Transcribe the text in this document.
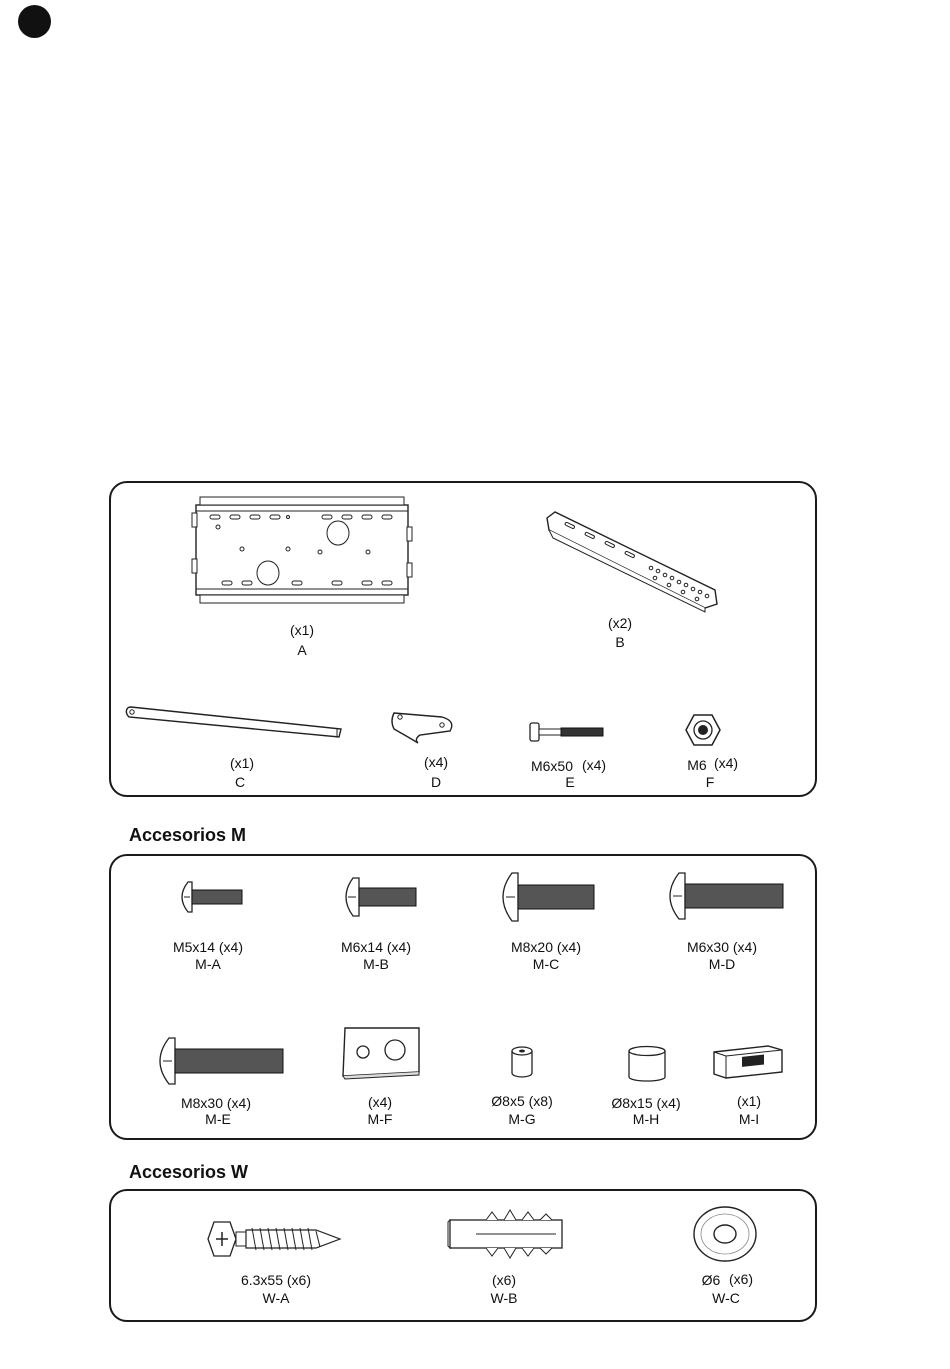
(x1)
A
(x2)
B
(x1)
C
(x4)
D
M6x50 (x4)
E
M6 (x4)
F
Accesorios M
M5x14 (x4)
M-A
M6x14 (x4)
M-B
M8x20 (x4)
M-C
M6x30 (x4)
M-D
M8x30 (x4)
M-E
(x4)
M-F
Ø8x5 (x8)
M-G
Ø8x15 (x4)
M-H
(x1)
M-I
Accesorios W
6.3x55 (x6)
W-A
(x6)
W-B
Ø6 (x6)
W-C
